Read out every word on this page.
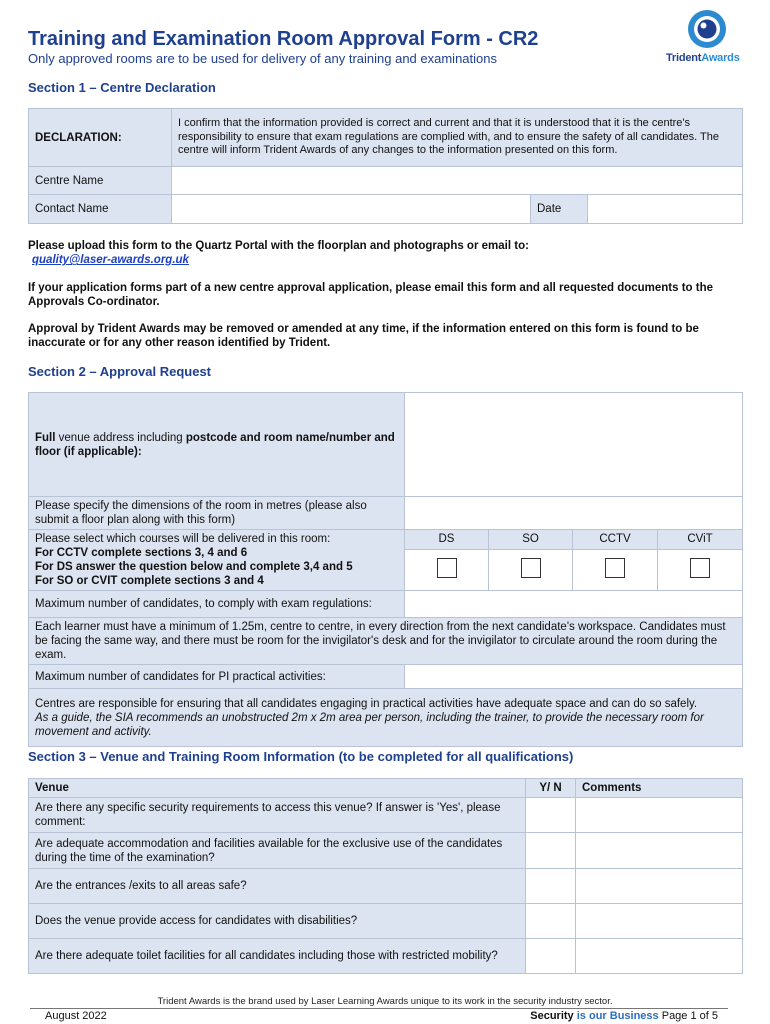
Training and Examination Room Approval Form - CR2
Only approved rooms are to be used for delivery of any training and examinations	TridentAwards
Section 1 – Centre Declaration
DECLARATION:	I confirm that the information provided is correct and current and that it is understood that it is the centre's responsibility to ensure that exam regulations are complied with, and to ensure the safety of all candidates. The centre will inform Trident Awards of any changes to the information presented on this form.		
Centre Name			
Contact Name		Date	
Please upload this form to the Quartz Portal with the floorplan and photographs or email to:
quality@laser-awards.org.uk
If your application forms part of a new centre approval application, please email this form and all requested documents to the Approvals Co-ordinator.
Approval by Trident Awards may be removed or amended at any time, if the information entered on this form is found to be inaccurate or for any other reason identified by Trident.
Section 2 – Approval Request
Full venue address including postcode and room name/number and floor (if applicable):				
Please specify the dimensions of the room in metres (please also submit a floor plan along with this form)				

Please select which courses will be delivered in this room:
For CCTV complete sections 3, 4 and 6
For DS answer the question below and complete 3,4 and 5
For SO or CVIT complete sections 3 and 4	DS	SO	CCTV	CViT

Maximum number of candidates, to comply with exam regulations:				
Each learner must have a minimum of 1.25m, centre to centre, in every direction from the next candidate's workspace. Candidates must be facing the same way, and there must be room for the invigilator's desk and for the invigilator to circulate around the room during the exam.				
Maximum number of candidates for PI practical activities:				

Centres are responsible for ensuring that all candidates engaging in practical activities have adequate space and can do so safely.
As a guide, the SIA recommends an unobstructed 2m x 2m area per person, including the trainer, to provide the necessary room for movement and activity.				
Section 3 – Venue and Training Room Information (to be completed for all qualifications)
Venue	Y/ N	Comments
Are there any specific security requirements to access this venue? If answer is 'Yes', please comment:		
Are adequate accommodation and facilities available for the exclusive use of the candidates during the time of the examination?		
Are the entrances /exits to all areas safe?		
Does the venue provide access for candidates with disabilities?		
Are there adequate toilet facilities for all candidates including those with restricted mobility?		
Trident Awards is the brand used by Laser Learning Awards unique to its work in the security industry sector.
August 2022	Security is our Business Page 1 of 5
